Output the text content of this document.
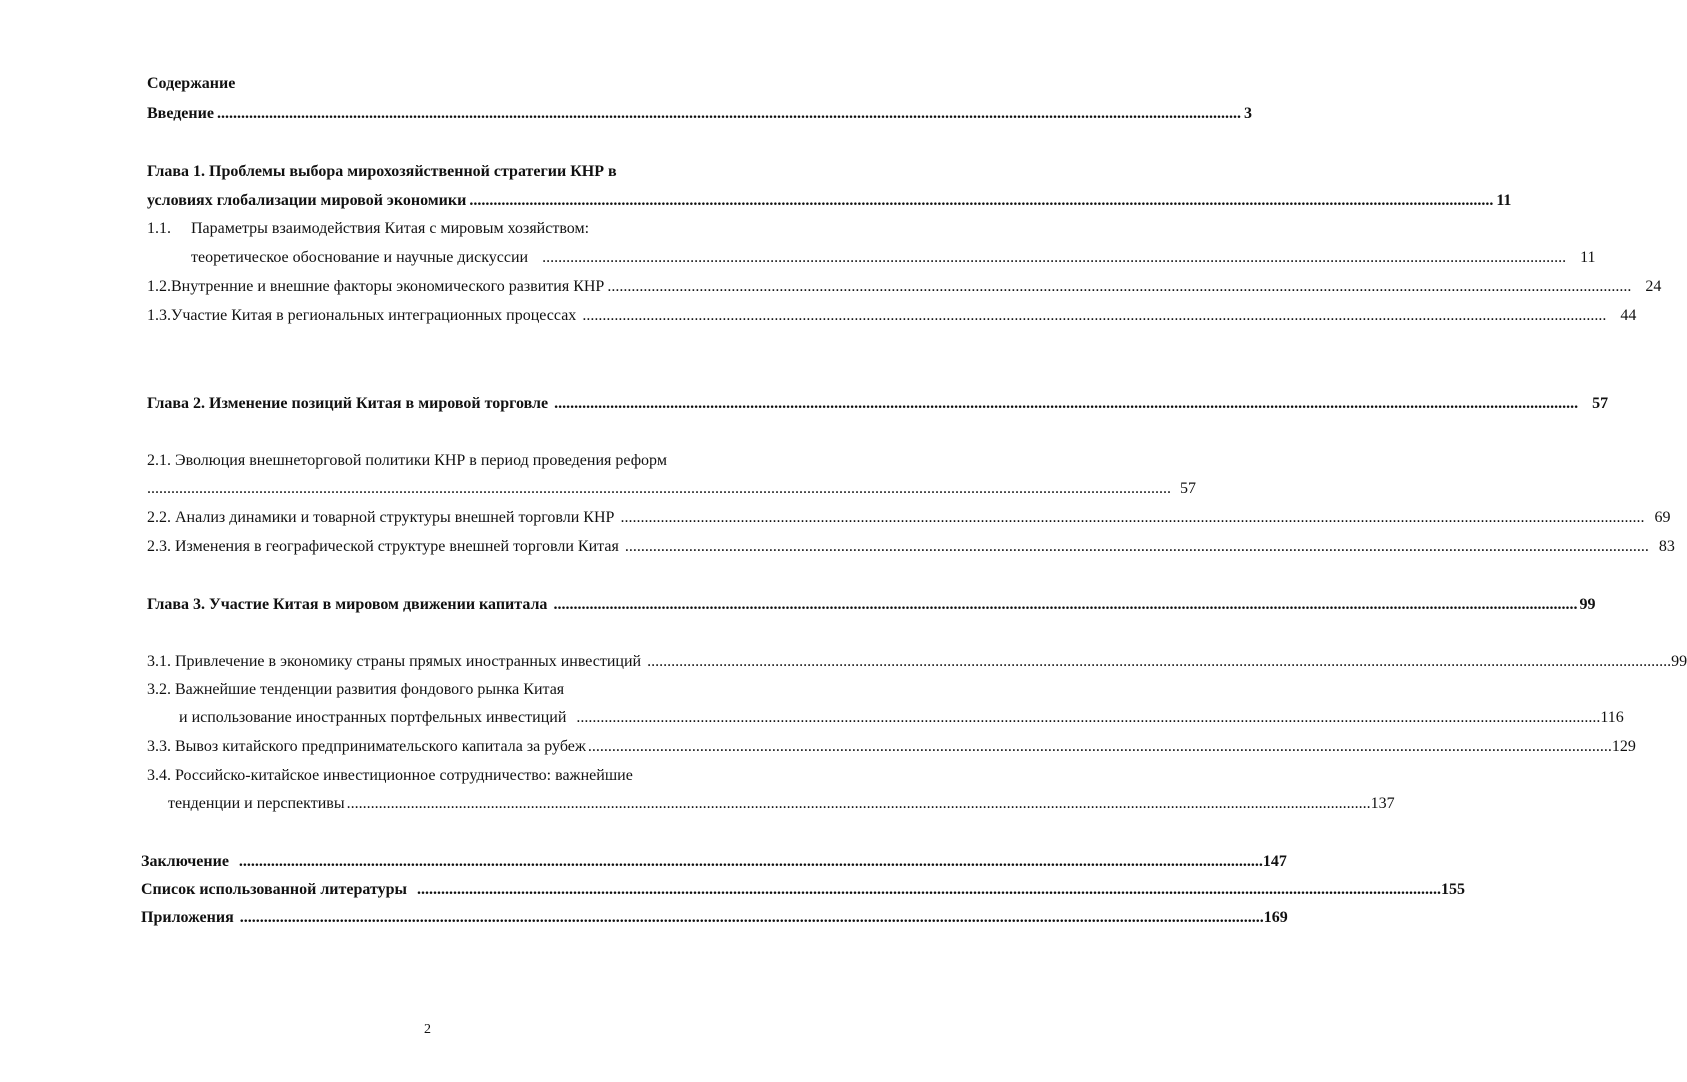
Содержание
Введение ................................................................................................................................................................................................................................................................ 3
Глава 1. Проблемы выбора мирохозяйственной стратегии КНР в
условиях глобализации мировой экономики ................................................................................................................................................................................................................................................................ 11
1.1. Параметры взаимодействия Китая с мировым хозяйством:
теоретическое обоснование и научные дискуссии ................................................................................................................................................................................................................................................................ 11
1.2. Внутренние и внешние факторы экономического развития КНР ................................................................................................................................................................................................................................................................ 24
1.3. Участие Китая в региональных интеграционных процессах ................................................................................................................................................................................................................................................................ 44
Глава 2. Изменение позиций Китая в мировой торговле ................................................................................................................................................................................................................................................................ 57
2.1. Эволюция внешнеторговой политики КНР в период проведения реформ
................................................................................................................................................................................................................................................................ 57
2.2. Анализ динамики и товарной структуры внешней торговли КНР ................................................................................................................................................................................................................................................................ 69
2.3. Изменения в географической структуре внешней торговли Китая ................................................................................................................................................................................................................................................................ 83
Глава 3. Участие Китая в мировом движении капитала ................................................................................................................................................................................................................................................................ 99
3.1. Привлечение в экономику страны прямых иностранных инвестиций ................................................................................................................................................................................................................................................................ 99
3.2. Важнейшие тенденции развития фондового рынка Китая
и использование иностранных портфельных инвестиций ................................................................................................................................................................................................................................................................ 116
3.3. Вывоз китайского предпринимательского капитала за рубеж ................................................................................................................................................................................................................................................................ 129
3.4. Российско-китайское инвестиционное сотрудничество: важнейшие
тенденции и перспективы ................................................................................................................................................................................................................................................................ 137
Заключение ................................................................................................................................................................................................................................................................ 147
Список использованной литературы ................................................................................................................................................................................................................................................................ 155
Приложения ................................................................................................................................................................................................................................................................ 169
2
